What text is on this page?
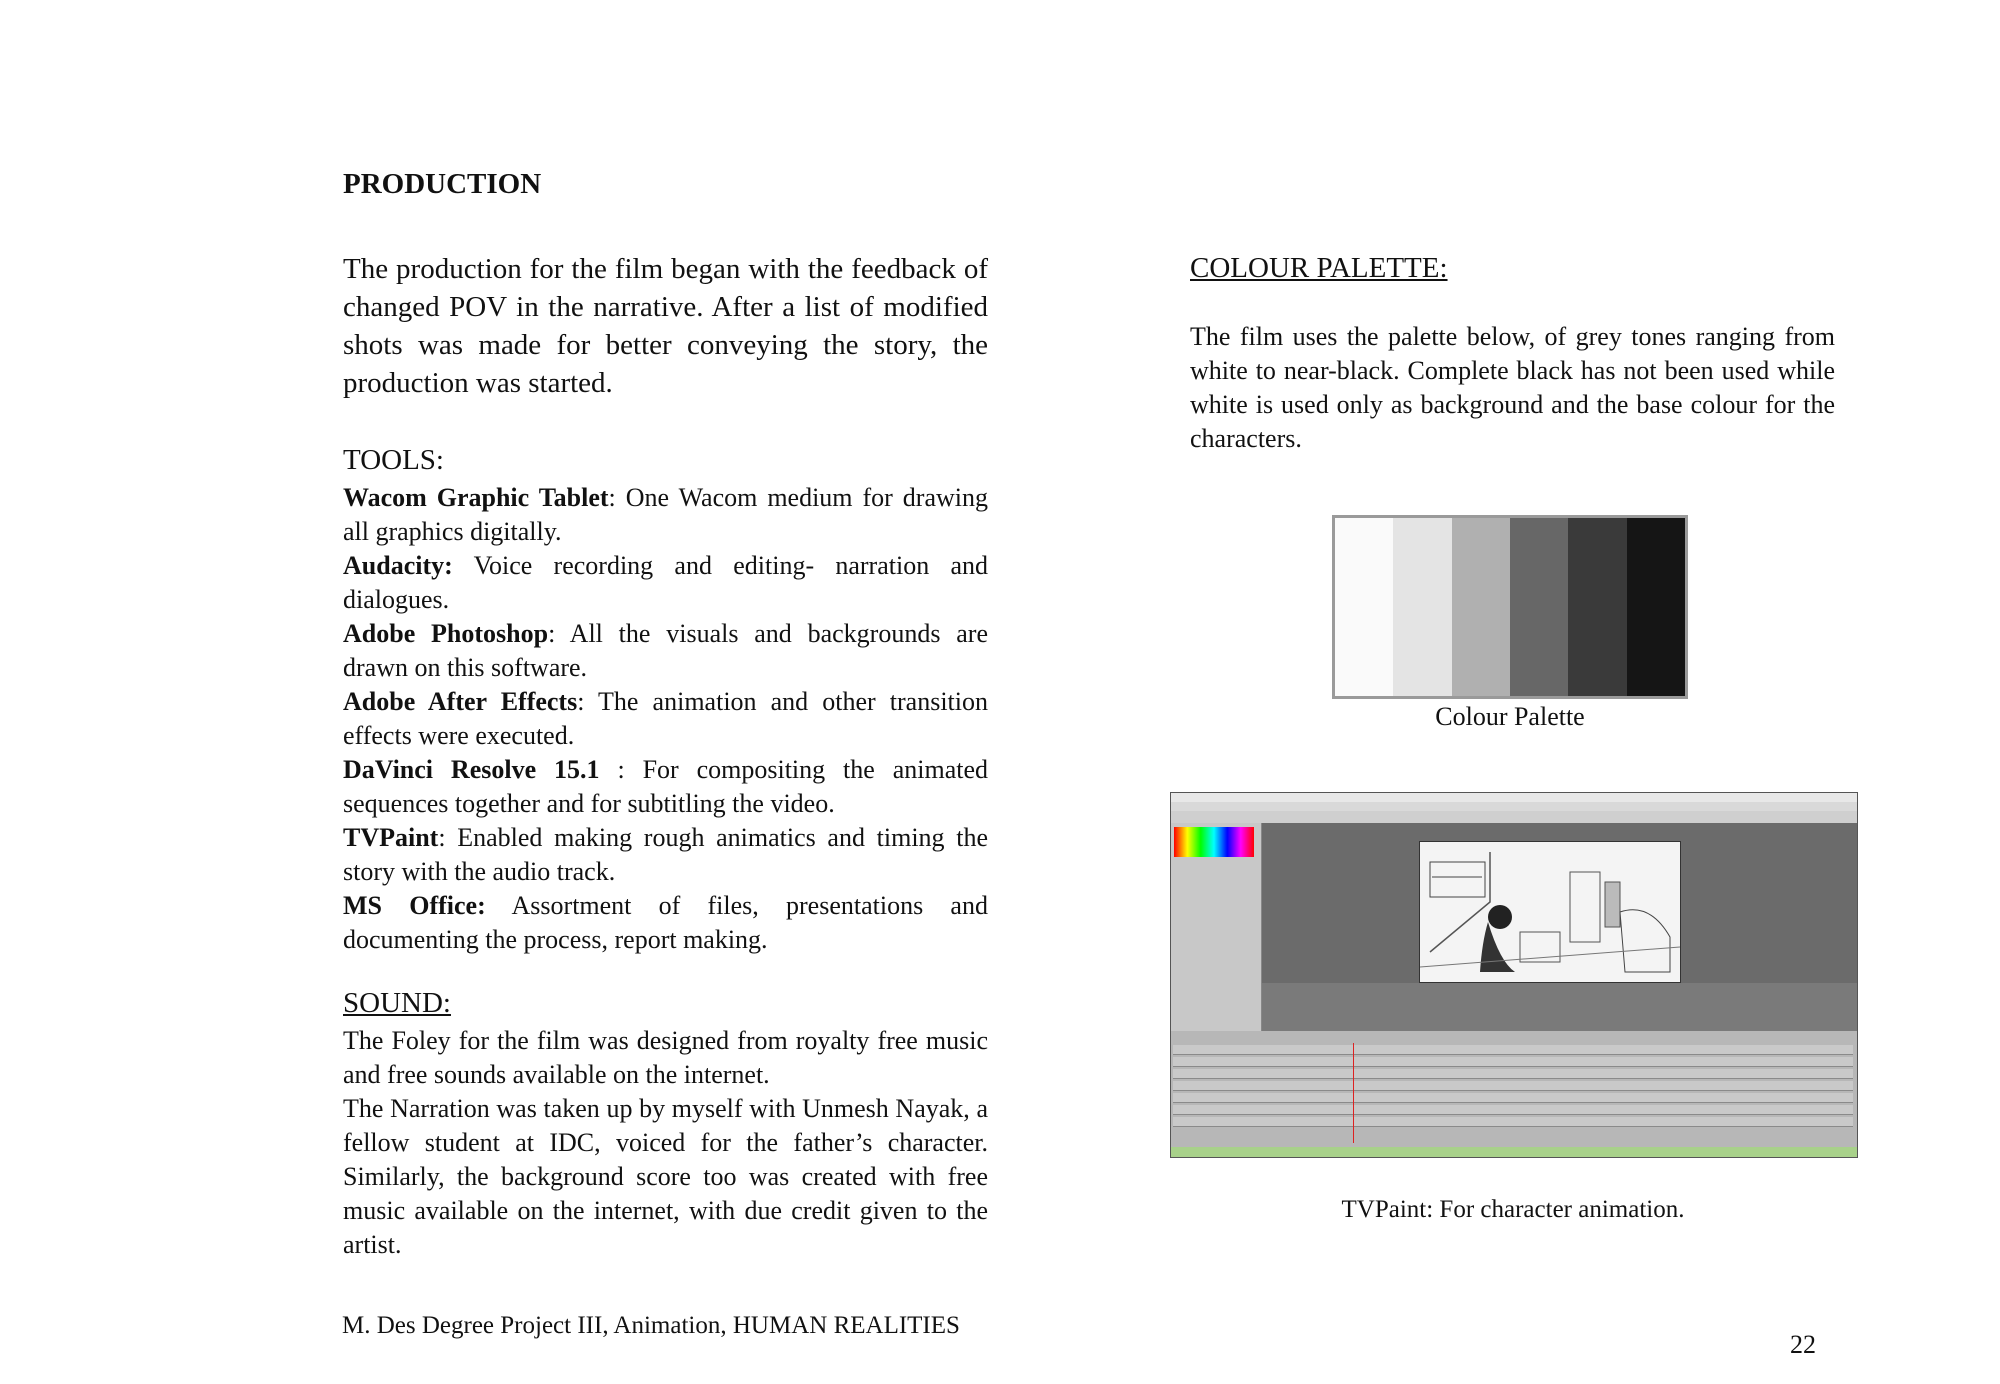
PRODUCTION

The production for the film began with the feedback of changed POV in the narrative. After a list of modified shots was made for better conveying the story, the production was started.

TOOLS:

Wacom Graphic Tablet: One Wacom medium for drawing all graphics digitally.

Audacity: Voice recording and editing- narration and dialogues.

Adobe Photoshop: All the visuals and backgrounds are drawn on this software.

Adobe After Effects: The animation and other transition effects were executed.

DaVinci Resolve 15.1 : For compositing the animated sequences together and for subtitling the video.

TVPaint: Enabled making rough animatics and timing the story with the audio track.

MS Office: Assortment of files, presentations and documenting the process, report making.

SOUND:

The Foley for the film was designed from royalty free music and free sounds available on the internet.

The Narration was taken up by myself with Unmesh Nayak, a fellow student at IDC, voiced for the father’s character. Similarly, the background score too was created with free music available on the internet, with due credit given to the artist.

COLOUR PALETTE:
The film uses the palette below, of grey tones ranging from white to near-black. Complete black has not been used while white is used only as background and the base colour for the characters.
Colour Palette
TVPaint: For character animation.
M. Des Degree Project III, Animation, HUMAN REALITIES
22
